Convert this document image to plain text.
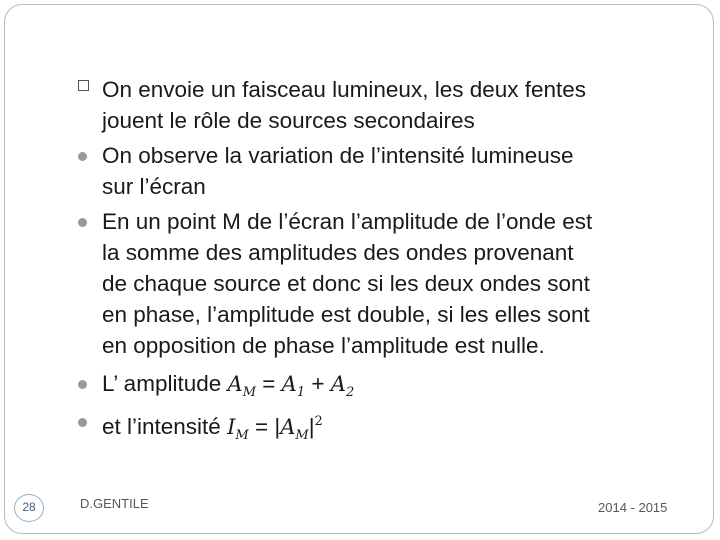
On envoie un faisceau lumineux, les deux fentes
jouent le rôle de sources secondaires
On observe la variation de l’intensité lumineuse
sur l’écran
En un point M de l’écran l’amplitude de l’onde est
la somme des amplitudes des ondes provenant
de chaque source et donc si les deux ondes sont
en phase, l’amplitude est double, si les elles sont
en opposition de phase l’amplitude est nulle.
L’ amplitude $A_M = A_1 + A_2$
et l’intensité $I_M = |A_M|^2$
28	D.GENTILE	2014 - 2015
